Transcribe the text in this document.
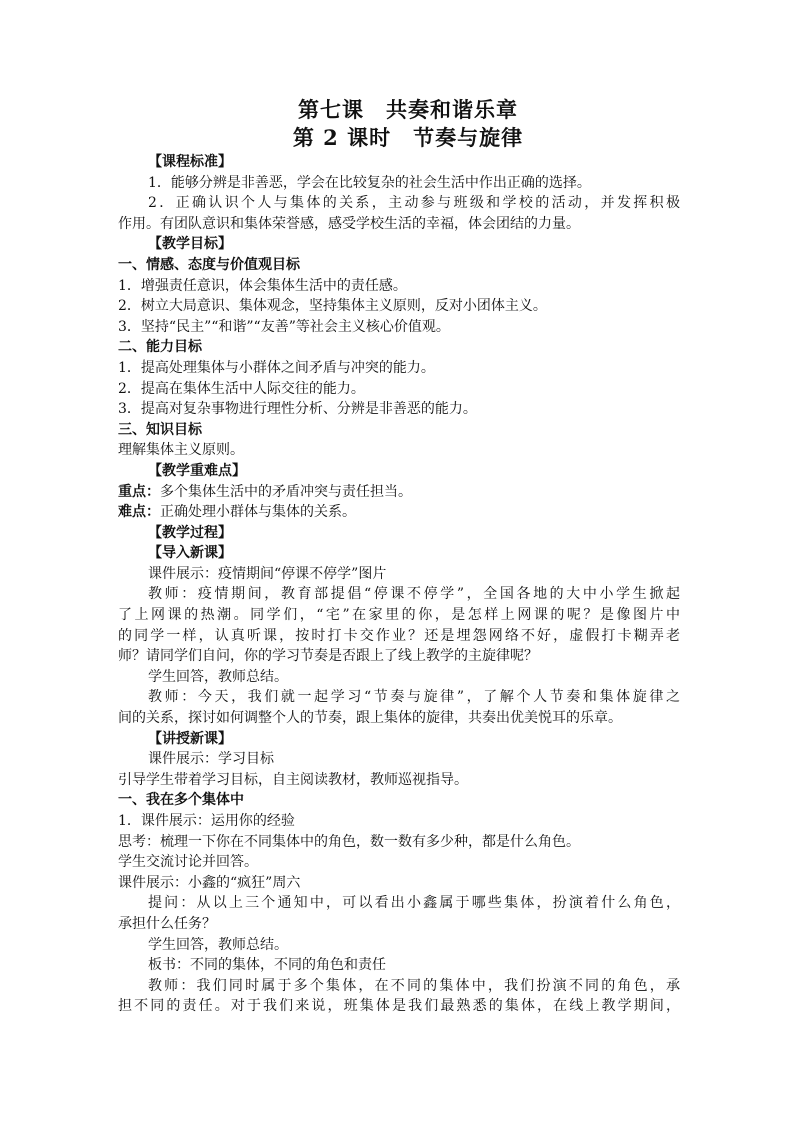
第七课　共奏和谐乐章
第 2 课时　节奏与旋律
【课程标准】
1．能够分辨是非善恶，学会在比较复杂的社会生活中作出正确的选择。
2．正确认识个人与集体的关系，主动参与班级和学校的活动，并发挥积极
作用。有团队意识和集体荣誉感，感受学校生活的幸福，体会团结的力量。
【教学目标】
一、情感、态度与价值观目标
1．增强责任意识，体会集体生活中的责任感。
2．树立大局意识、集体观念，坚持集体主义原则，反对小团体主义。
3．坚持“民主”“和谐”“友善”等社会主义核心价值观。
二、能力目标
1．提高处理集体与小群体之间矛盾与冲突的能力。
2．提高在集体生活中人际交往的能力。
3．提高对复杂事物进行理性分析、分辨是非善恶的能力。
三、知识目标
理解集体主义原则。
【教学重难点】
重点：多个集体生活中的矛盾冲突与责任担当。
难点：正确处理小群体与集体的关系。
【教学过程】
【导入新课】
课件展示：疫情期间“停课不停学”图片
教师：疫情期间，教育部提倡“停课不停学”，全国各地的大中小学生掀起
了上网课的热潮。同学们，“宅”在家里的你，是怎样上网课的呢？是像图片中
的同学一样，认真听课，按时打卡交作业？还是埋怨网络不好，虚假打卡糊弄老
师？请同学们自问，你的学习节奏是否跟上了线上教学的主旋律呢？
学生回答，教师总结。
教师：今天，我们就一起学习“节奏与旋律”，了解个人节奏和集体旋律之
间的关系，探讨如何调整个人的节奏，跟上集体的旋律，共奏出优美悦耳的乐章。
【讲授新课】
课件展示：学习目标
引导学生带着学习目标，自主阅读教材，教师巡视指导。
一、我在多个集体中
1．课件展示：运用你的经验
思考：梳理一下你在不同集体中的角色，数一数有多少种，都是什么角色。
学生交流讨论并回答。
课件展示：小鑫的“疯狂”周六
提问：从以上三个通知中，可以看出小鑫属于哪些集体，扮演着什么角色，
承担什么任务？
学生回答，教师总结。
板书：不同的集体，不同的角色和责任
教师：我们同时属于多个集体，在不同的集体中，我们扮演不同的角色，承
担不同的责任。对于我们来说，班集体是我们最熟悉的集体，在线上教学期间，
